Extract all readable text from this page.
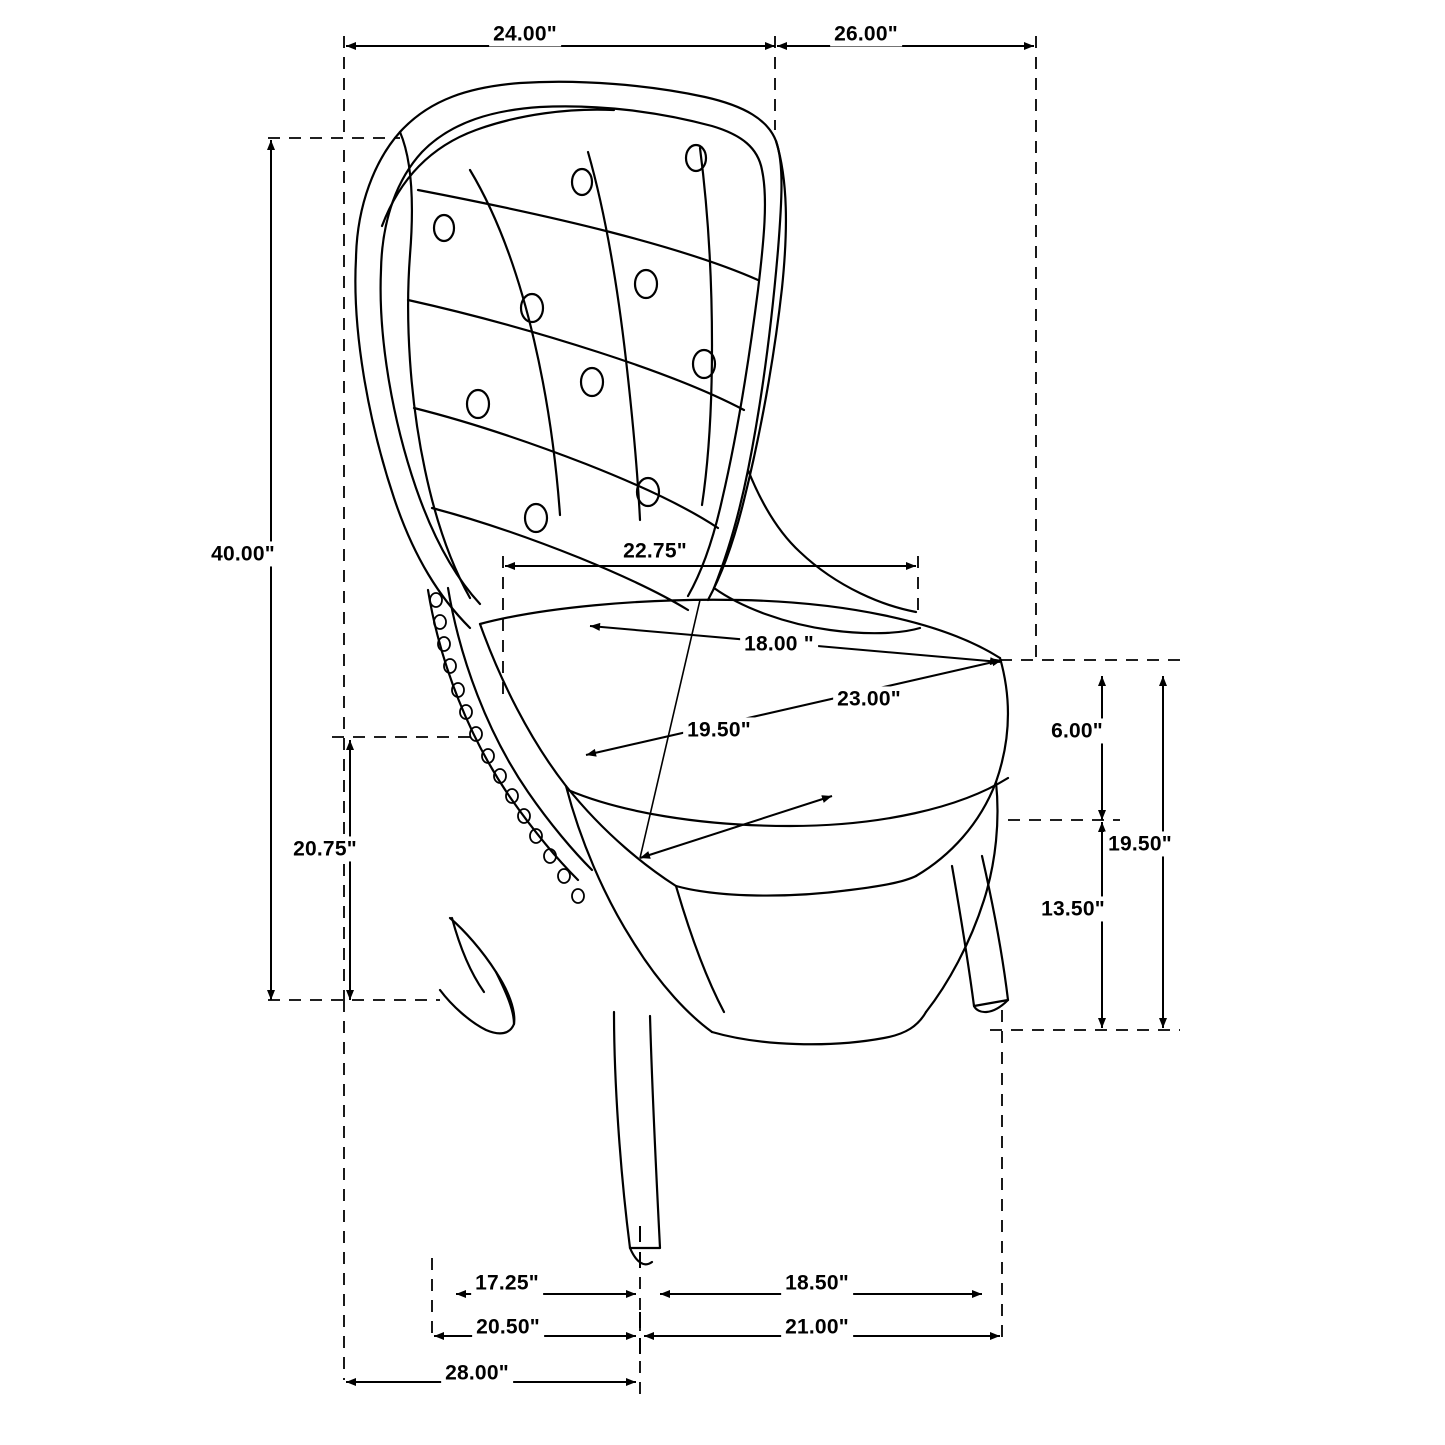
24.00"	26.00"
40.00"	22.75"
18.00 "
23.00"
19.50"
20.75"
6.00"
13.50"
19.50"
17.25"	18.50"
20.50"	21.00"
28.00"
